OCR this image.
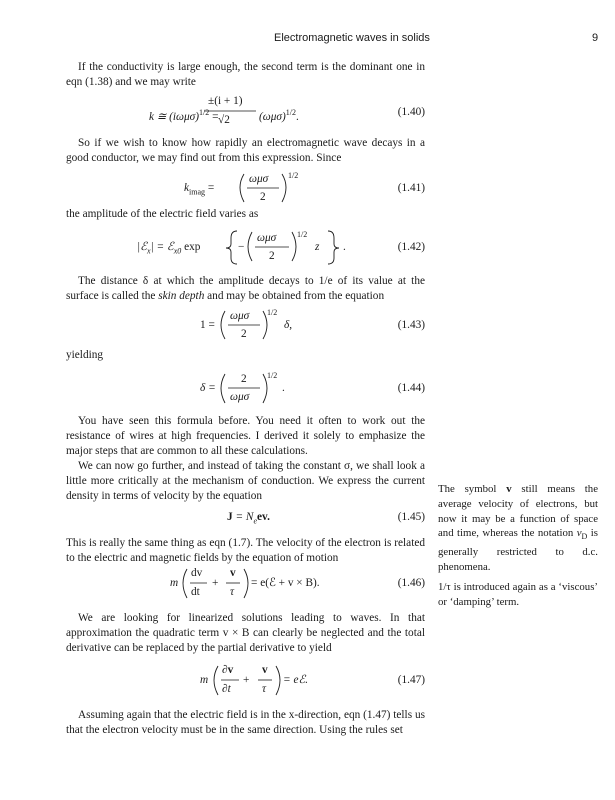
Electromagnetic waves in solids	9

If the conductivity is large enough, the second term is the dominant one in eqn (1.38) and we may write

k ≅ $(i\omega\mu\sigma)^{1/2}$ =
±(i + 1)
√2	$(\omega\mu\sigma)^{1/2}$.	(1.40)

So if we wish to know how rapidly an electromagnetic wave decays in a good conductor, we may find out from this expression. Since

$k_{imag}$ =
ωμσ
2
1/2
(1.41)

the amplitude of the electric field varies as

|ℰ$_x$| = ℰ$_{x0}$ exp	−
ωμσ
2
1/2
z .	(1.42)

The distance δ at which the amplitude decays to 1/e of its value at the surface is called the skin depth and may be obtained from the equation

1 =
ωμσ
2
1/2
δ,	(1.43)

yielding

δ =
2
ωμσ
1/2
.	(1.44)

You have seen this formula before. You need it often to work out the resistance of wires at high frequencies. I derived it solely to emphasize the major steps that are common to all these calculations.

We can now go further, and instead of taking the constant σ, we shall look a little more critically at the mechanism of conduction. We express the current density in terms of velocity by the equation

$J = N_eev$.	(1.45)

This is really the same thing as eqn (1.7). The velocity of the electron is related to the electric and magnetic fields by the equation of motion

m
dv
dt
+
v
τ
= e(ℰ + v × B).	(1.46)

We are looking for linearized solutions leading to waves. In that approximation the quadratic term v × B can clearly be neglected and the total derivative can be replaced by the partial derivative to yield

m
∂v
∂t
+
v
τ
= eℰ.	(1.47)

Assuming again that the electric field is in the x-direction, eqn (1.47) tells us that the electron velocity must be in the same direction. Using the rules set

The symbol v still means the average velocity of electrons, but now it may be a function of space and time, whereas the notation $v_D$ is generally restricted to d.c. phenomena.

1/τ is introduced again as a ‘viscous’ or ‘damping’ term.
